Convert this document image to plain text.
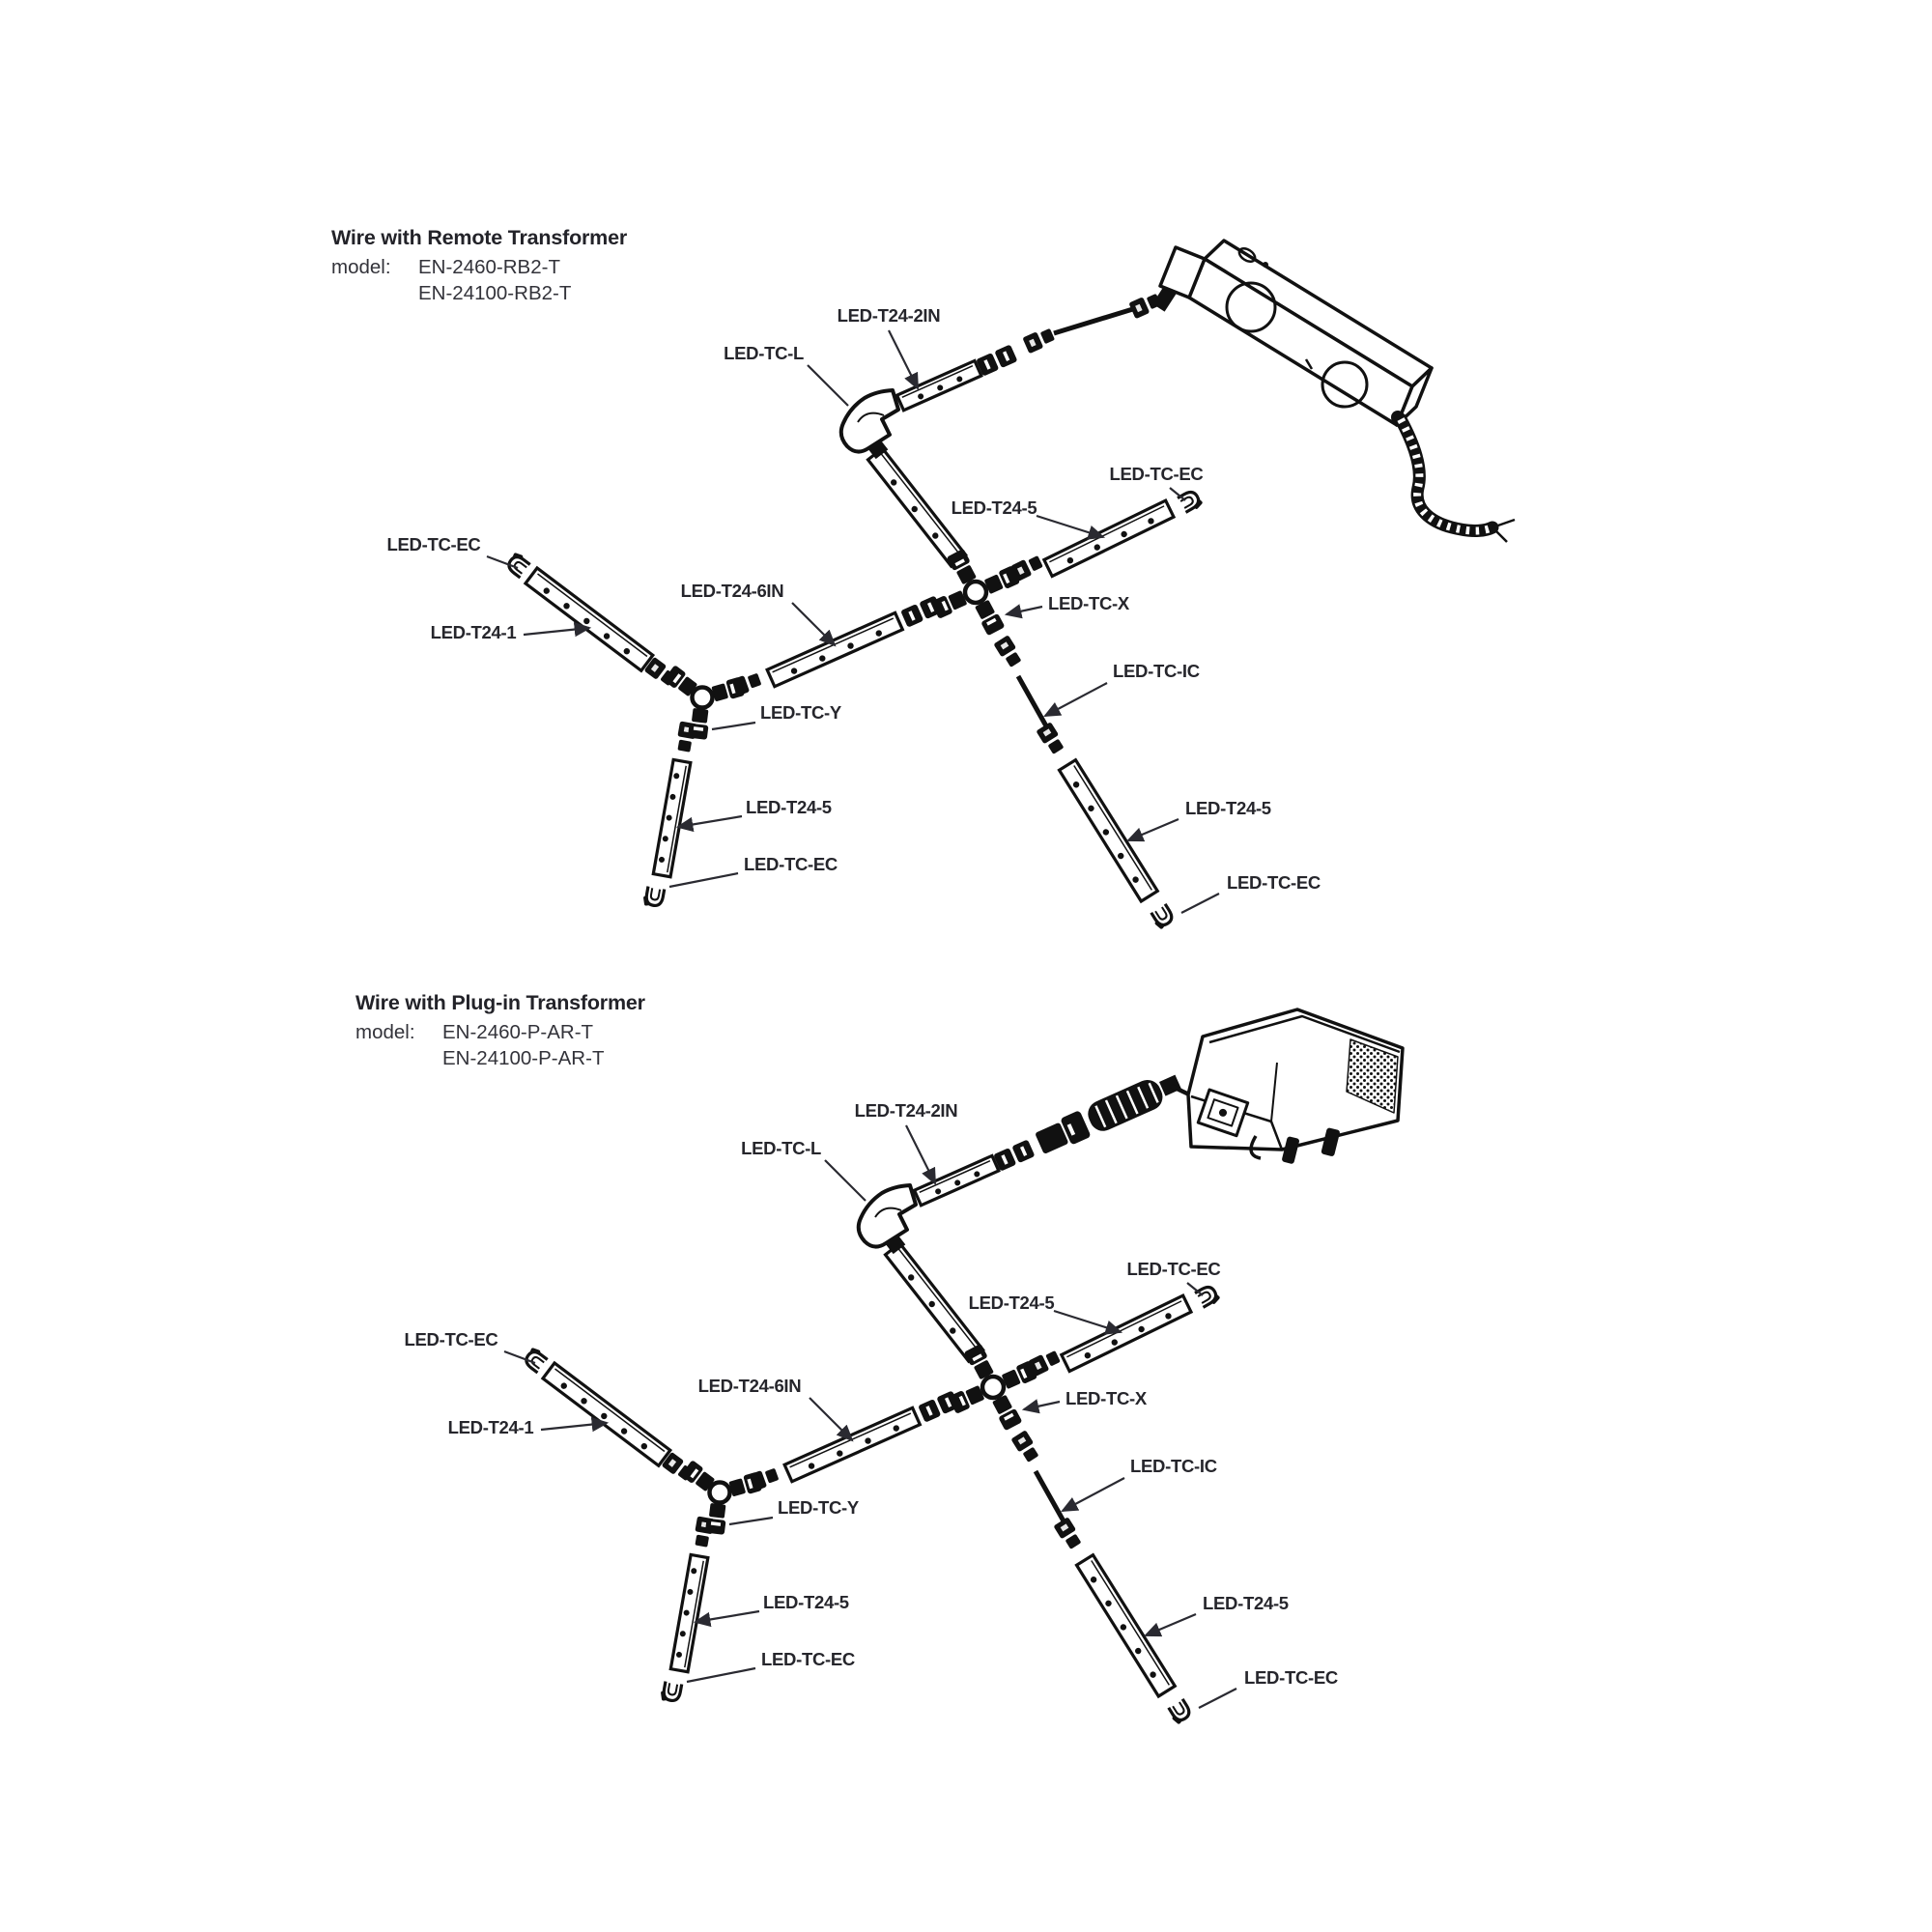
Wire with Remote Transformer
model:	EN-2460-RB2-T
EN-24100-RB2-T
Wire with Plug-in Transformer
model:	EN-2460-P-AR-T
EN-24100-P-AR-T
